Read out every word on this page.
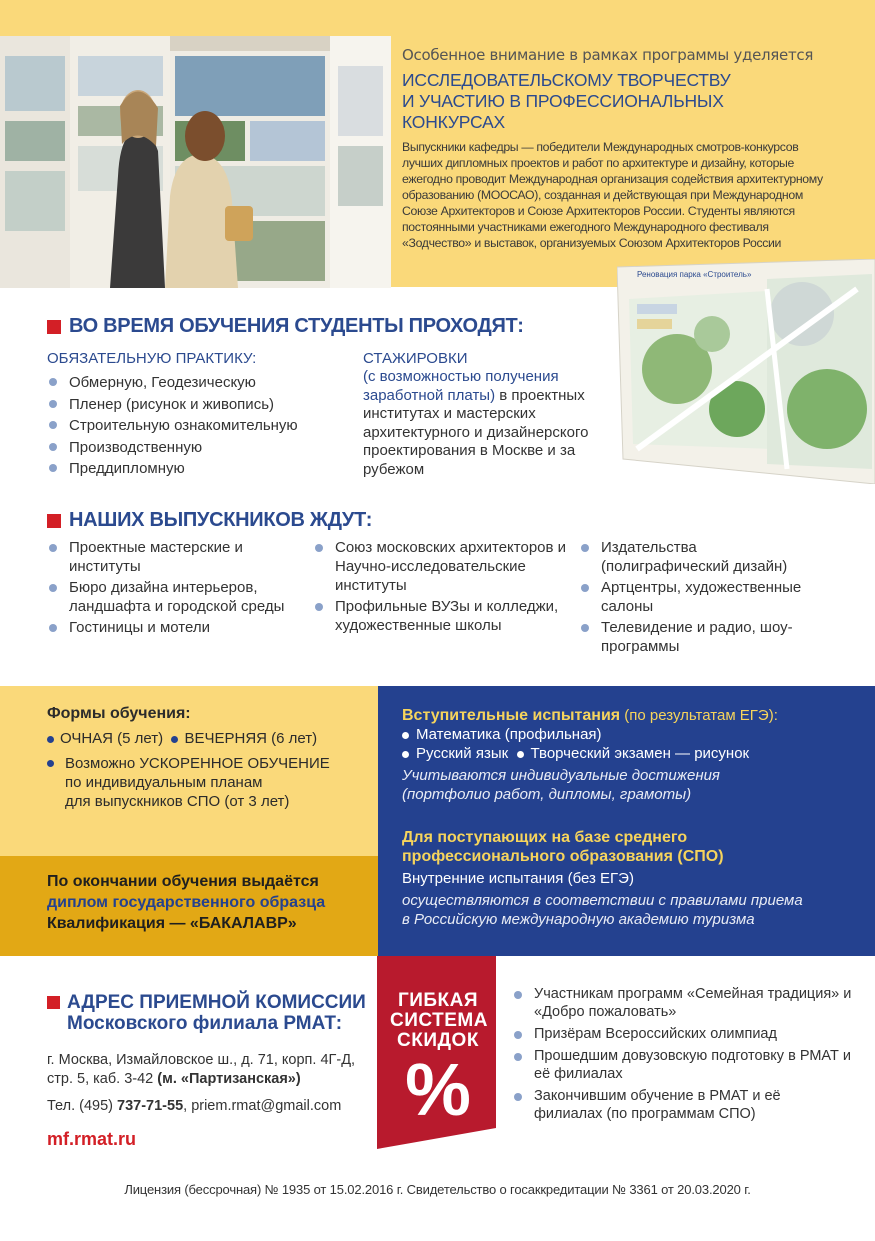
Особенное внимание в рамках программы уделяется
ИССЛЕДОВАТЕЛЬСКОМУ ТВОРЧЕСТВУ
И УЧАСТИЮ В ПРОФЕССИОНАЛЬНЫХ
КОНКУРСАХ
Выпускники кафедры — победители Международных смотров-конкурсов лучших дипломных проектов и работ по архитектуре и дизайну, которые ежегодно проводит Международная организация содействия архитектурному образованию (МООСАО), созданная и действующая при Международном Союзе Архитекторов и Союзе Архитекторов России. Студенты являются постоянными участниками ежегодного Международного фестиваля «Зодчество» и выставок, организуемых Союзом Архитекторов России
Реновация парка «Строитель»
ВО ВРЕМЯ ОБУЧЕНИЯ СТУДЕНТЫ ПРОХОДЯТ:
ОБЯЗАТЕЛЬНУЮ ПРАКТИКУ:
Обмерную, Геодезическую
Пленер (рисунок и живопись)
Строительную ознакомительную
Производственную
Преддипломную
СТАЖИРОВКИ
(с возможностью получения заработной платы) в проектных институтах и мастерских архитектурного и дизайнерского проектирования в Москве и за рубежом
НАШИХ ВЫПУСКНИКОВ ЖДУТ:
Проектные мастерские и институты
Бюро дизайна интерьеров, ландшафта и городской среды
Гостиницы и мотели
Союз московских архитекторов и Научно-исследовательские институты
Профильные ВУЗы и колледжи, художественные школы
Издательства (полиграфический дизайн)
Артцентры, художественные салоны
Телевидение и радио, шоу-программы
Формы обучения:
ОЧНАЯ (5 лет) ВЕЧЕРНЯЯ (6 лет)
Возможно УСКОРЕННОЕ ОБУЧЕНИЕ
по индивидуальным планам
для выпускников СПО (от 3 лет)
По окончании обучения выдаётся
диплом государственного образца
Квалификация — «БАКАЛАВР»
Вступительные испытания (по результатам ЕГЭ):
Математика (профильная)
Русский язык Творческий экзамен — рисунок
Учитываются индивидуальные достижения
(портфолио работ, дипломы, грамоты)
Для поступающих на базе среднего
профессионального образования (СПО)
Внутренние испытания (без ЕГЭ)
осуществляются в соответствии с правилами приема
в Российскую международную академию туризма
АДРЕС ПРИЕМНОЙ КОМИССИИ
Московского филиала РМАТ:
г. Москва, Измайловское ш., д. 71, корп. 4Г-Д,
стр. 5, каб. 3-42 (м. «Партизанская»)
Тел. (495) 737-71-55, priem.rmat@gmail.com
mf.rmat.ru
ГИБКАЯ
СИСТЕМА
СКИДОК
%
Участникам программ «Семейная традиция» и «Добро пожаловать»
Призёрам Всероссийских олимпиад
Прошедшим довузовскую подготовку в РМАТ и её филиалах
Закончившим обучение в РМАТ и её филиалах (по программам СПО)
Лицензия (бессрочная) № 1935 от 15.02.2016 г. Свидетельство о госаккредитации № 3361 от 20.03.2020 г.
